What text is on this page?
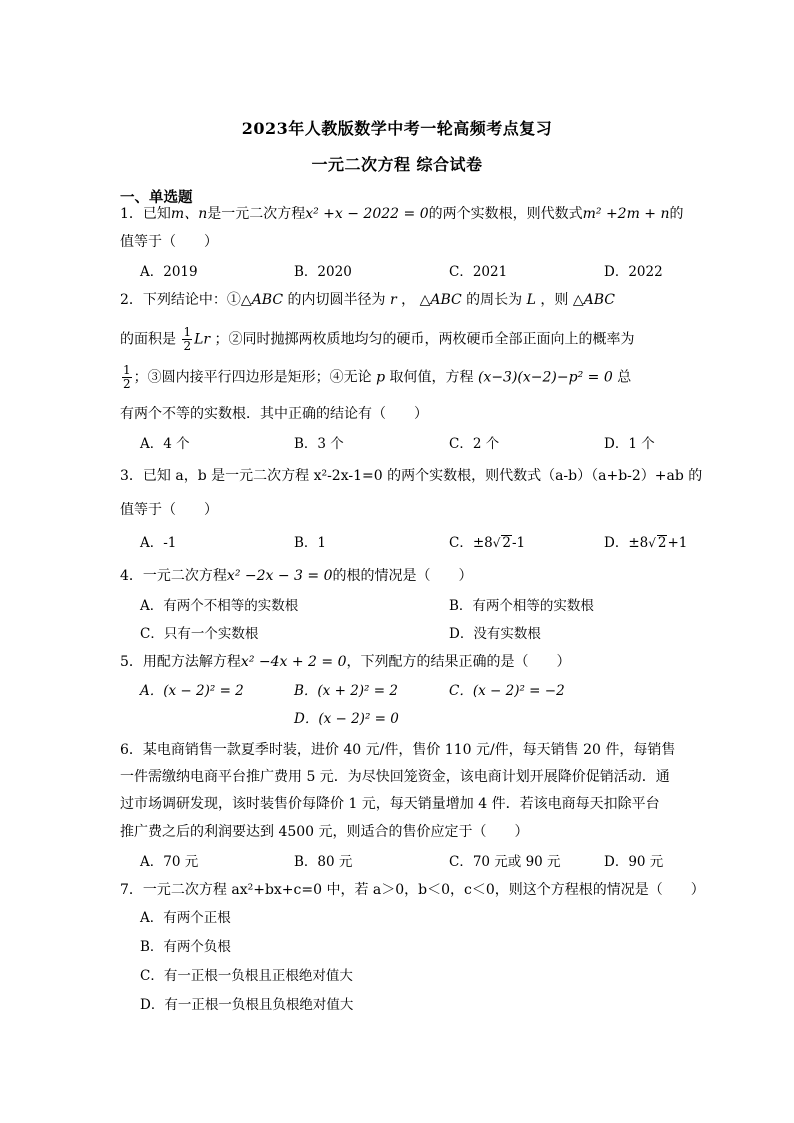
2023年人教版数学中考一轮高频考点复习
一元二次方程 综合试卷
一、单选题
1．已知m、n是一元二次方程x² +x − 2022 = 0的两个实数根，则代数式m² +2m + n的
值等于（　　）
A．2019	B．2020	C．2021	D．2022
2．下列结论中：①△ABC 的内切圆半径为 r ， △ABC 的周长为 L ，则 △ABC
的面积是 $\frac{1}{2}$ Lr ；②同时抛掷两枚质地均匀的硬币，两枚硬币全部正面向上的概率为
$\frac{1}{2}$ ；③圆内接平行四边形是矩形；④无论 p 取何值，方程 (x−3)(x−2)−p² = 0 总
有两个不等的实数根．其中正确的结论有（　　）
A．4 个	B．3 个	C．2 个	D．1 个
3．已知 a，b 是一元二次方程 x²-2x-1=0 的两个实数根，则代数式（a-b）（a+b-2）+ab 的
值等于（　　）
A．-1	B．1	C．±8√ 2-1	D．±8√ 2+1
4．一元二次方程x² −2x − 3 = 0的根的情况是（　　）
A．有两个不相等的实数根	B．有两个相等的实数根
C．只有一个实数根	D．没有实数根
5．用配方法解方程x² −4x + 2 = 0，下列配方的结果正确的是（　　）
A．(x − 2)² = 2	B．(x + 2)² = 2	C．(x − 2)² = −2
D．(x − 2)² = 0
6．某电商销售一款夏季时装，进价 40 元/件，售价 110 元/件，每天销售 20 件，每销售
一件需缴纳电商平台推广费用 5 元．为尽快回笼资金，该电商计划开展降价促销活动．通
过市场调研发现，该时装售价每降价 1 元，每天销量增加 4 件．若该电商每天扣除平台
推广费之后的利润要达到 4500 元，则适合的售价应定于（　　）
A．70 元	B．80 元	C．70 元或 90 元	D．90 元
7．一元二次方程 ax²+bx+c=0 中，若 a＞0，b＜0，c＜0，则这个方程根的情况是（　　）
A．有两个正根
B．有两个负根
C．有一正根一负根且正根绝对值大
D．有一正根一负根且负根绝对值大
